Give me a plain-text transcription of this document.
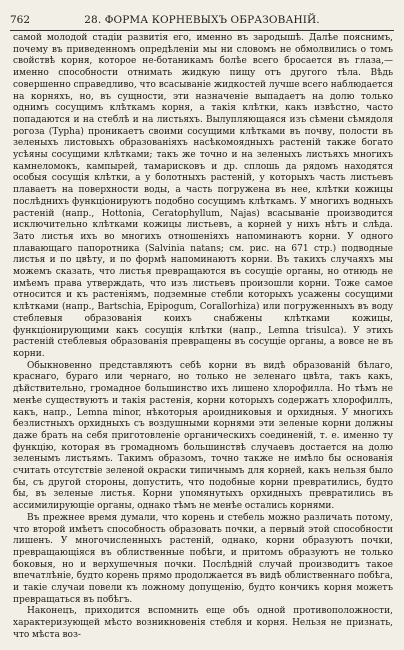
762	28. ФОРМА КОРНЕВЫХЪ ОБРАЗОВАНІЙ.

самой молодой стадіи развитія его, именно въ зародышѣ. Далѣе пояснимъ, почему въ приведенномъ опредѣленіи мы ни словомъ не обмолвились о томъ свойствѣ корня, которое не-ботаникамъ болѣе всего бросается въ глаза,—именно способности отнимать жидкую пищу отъ другого тѣла. Вѣдь совершенно справедливо, что всасываніе жидкостей лучше всего наблюдается на корняхъ, но, въ сущности, эти назначеніе выпадаетъ на долю только однимъ сосущимъ клѣткамъ корня, а такія клѣтки, какъ извѣстно, часто попадаются и на стеблѣ и на листьяхъ. Вылупляющаяся изъ сѣмени сѣмядоля рогоза (Typha) проникаетъ своими сосущими клѣтками въ почву, полости въ зеленыхъ листовыхъ образованіяхъ насѣкомоядныхъ растеній также богато усѣяны сосущими клѣтками; такъ же точно и на зеленыхъ листьяхъ многихъ камнеломокъ, кампырей, тамарисковъ и др. сплошь да рядомъ находятся особыя сосущія клѣтки, а у болотныхъ растеній, у которыхъ часть листьевъ плаваетъ на поверхности воды, а часть погружена въ нее, клѣтки кожицы послѣднихъ функціонируютъ подобно сосущимъ клѣткамъ. У многихъ водныхъ растеній (напр., Hottonia, Ceratophyllum, Najas) всасываніе производится исключительно клѣтками кожицы листьевъ, а корней у нихъ нѣтъ и слѣда. Зато листья ихъ во многихъ отношеніяхъ напоминаютъ корни. У одного плавающаго папоротника (Salvinia natans; см. рис. на 671 стр.) подводные листья и по цвѣту, и по формѣ напоминаютъ корни. Въ такихъ случаяхъ мы можемъ сказать, что листья превращаются въ сосущіе органы, но отнюдь не имѣемъ права утверждать, что изъ листьевъ произошли корни. Тоже самое относится и къ растеніямъ, подземные стебли которыхъ усажены сосущими клѣтками (напр., Bartschia, Epipogum, Corallorhiza) или погруженныхъ въ воду стеблевыя образованія коихъ снабжены клѣтками кожицы, функціонирующими какъ сосущія клѣтки (напр., Lemna trisulca). У этихъ растеній стеблевыя образованія превращены въ сосущіе органы, а вовсе не въ корни.

Обыкновенно представляютъ себѣ корни въ видѣ образованій бѣлаго, краснаго, бураго или чернаго, но только не зеленаго цвѣта, такъ какъ, дѣйствительно, громадное большинство ихъ лишено хлорофилла. Но тѣмъ не менѣе существуютъ и такія растенія, корни которыхъ содержатъ хлорофиллъ, какъ, напр., Lemna minor, нѣкоторыя ароидниковыя и орхидныя. У многихъ безлистныхъ орхидныхъ съ воздушными корнями эти зеленые корни должны даже брать на себя приготовленіе органическихъ соединеній, т. е. именно ту функцію, которая въ громадномъ большинствѣ случаевъ достается на долю зеленымъ листьямъ. Такимъ образомъ, точно также не имѣло бы основанія считать отсутствіе зеленой окраски типичнымъ для корней, какъ нельзя было бы, съ другой стороны, допустить, что подобные корни превратились, будто бы, въ зеленые листья. Корни упомянутыхъ орхидныхъ превратились въ ассимилирующіе органы, однако тѣмъ не менѣе остались корнями.

Въ прежнее время думали, что корень и стебель можно различать потому, что второй имѣетъ способность образовать почки, а первый этой способности лишенъ. У многочисленныхъ растеній, однако, корни образуютъ почки, превращающіяся въ облиственные побѣги, и притомъ образуютъ не только боковыя, но и верхушечныя почки. Послѣдній случай производитъ такое впечатлѣніе, будто корень прямо продолжается въ видѣ облиственнаго побѣга, и такіе случаи повели къ ложному допущенію, будто кончикъ корня можетъ превращаться въ побѣгъ.

Наконецъ, приходится вспомнить еще объ одной противоположности, характеризующей мѣсто возникновенія стебля и корня. Нельзя не признать, что мѣста воз-
